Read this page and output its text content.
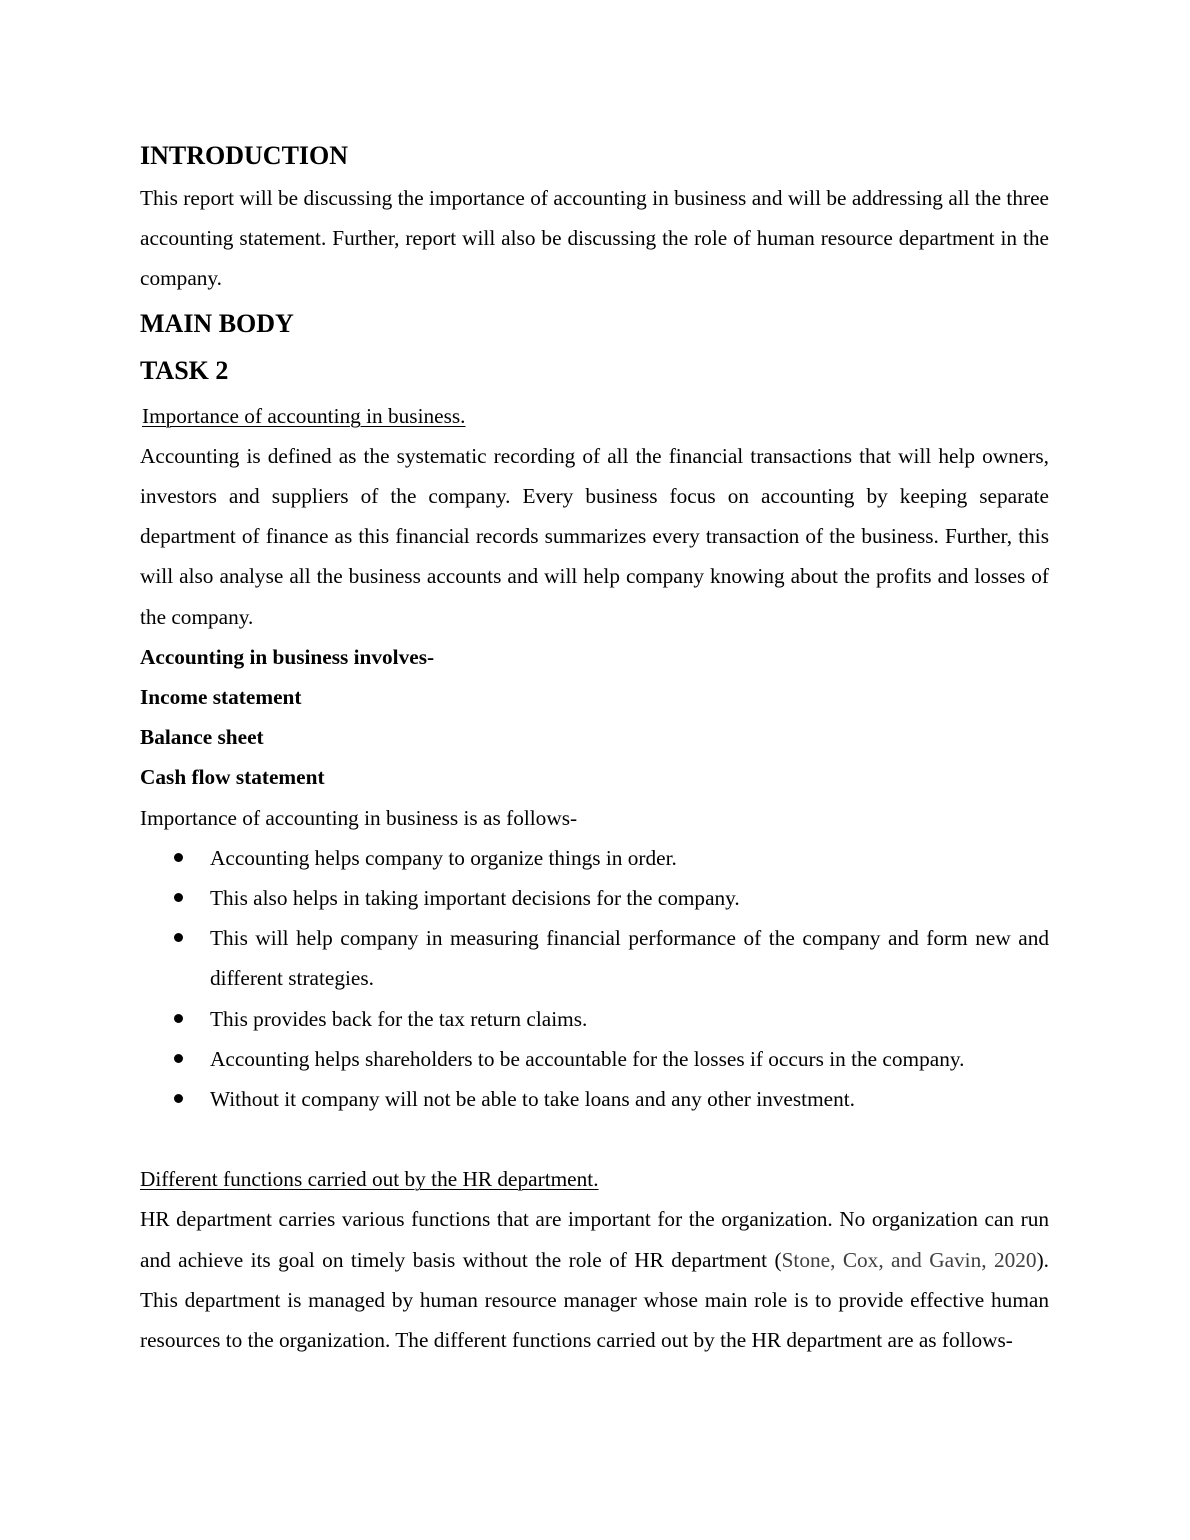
INTRODUCTION

This report will be discussing the importance of accounting in business and will be addressing all the three accounting statement. Further, report will also be discussing the role of human resource department in the company.

MAIN BODY
TASK 2

Importance of accounting in business.

Accounting is defined as the systematic recording of all the financial transactions that will help owners, investors and suppliers of the company. Every business focus on accounting by keeping separate department of finance as this financial records summarizes every transaction of the business. Further, this will also analyse all the business accounts and will help company knowing about the profits and losses of the company.

Accounting in business involves-

Income statement

Balance sheet

Cash flow statement

Importance of accounting in business is as follows-

Accounting helps company to organize things in order.
This also helps in taking important decisions for the company.
This will help company in measuring financial performance of the company and form new and different strategies.
This provides back for the tax return claims.
Accounting helps shareholders to be accountable for the losses if occurs in the company.
Without it company will not be able to take loans and any other investment.

Different functions carried out by the HR department.

HR department carries various functions that are important for the organization. No organization can run and achieve its goal on timely basis without the role of HR department (Stone, Cox, and Gavin, 2020). This department is managed by human resource manager whose main role is to provide effective human resources to the organization. The different functions carried out by the HR department are as follows-
